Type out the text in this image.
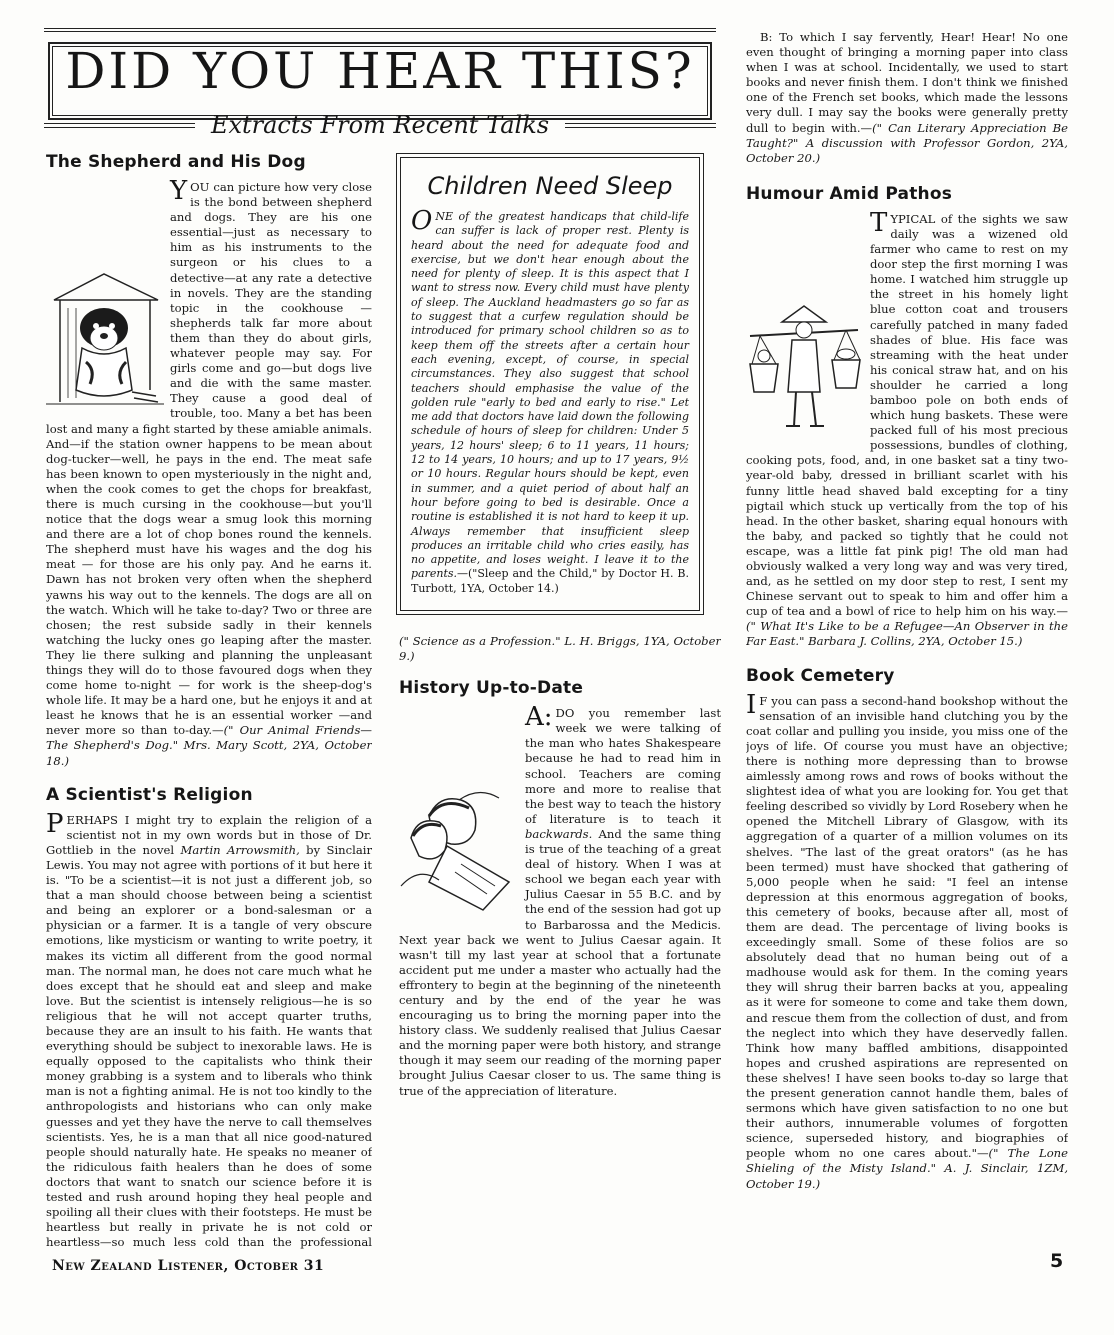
DID YOU HEAR THIS?
Extracts From Recent Talks
The Shepherd and His Dog

YOU can picture how very close is the bond between shepherd and dogs. They are his one essential—just as necessary to him as his instruments to the surgeon or his clues to a detective—at any rate a detective in novels. They are the standing topic in the cookhouse — shepherds talk far more about them than they do about girls, whatever people may say. For girls come and go—but dogs live and die with the same master. They cause a good deal of trouble, too. Many a bet has been lost and many a fight started by these amiable animals. And—if the station owner happens to be mean about dog-tucker—well, he pays in the end. The meat safe has been known to open mysteriously in the night and, when the cook comes to get the chops for breakfast, there is much cursing in the cookhouse—but you'll notice that the dogs wear a smug look this morning and there are a lot of chop bones round the kennels. The shepherd must have his wages and the dog his meat — for those are his only pay. And he earns it. Dawn has not broken very often when the shepherd yawns his way out to the kennels. The dogs are all on the watch. Which will he take to-day? Two or three are chosen; the rest subside sadly in their kennels watching the lucky ones go leaping after the master. They lie there sulking and planning the unpleasant things they will do to those favoured dogs when they come home to-night — for work is the sheep-dog's whole life. It may be a hard one, but he enjoys it and at least he knows that he is an essential worker —and never more so than to-day.—(" Our Animal Friends—The Shepherd's Dog." Mrs. Mary Scott, 2YA, October 18.)

A Scientist's Religion

PERHAPS I might try to explain the religion of a scientist not in my own words but in those of Dr. Gottlieb in the novel Martin Arrowsmith, by Sinclair Lewis. You may not agree with portions of it but here it is. "To be a scientist—it is not just a different job, so that a man should choose between being a scientist and being an explorer or a bond-salesman or a physician or a farmer. It is a tangle of very obscure emotions, like mysticism or wanting to write poetry, it makes its victim all different from the good normal man. The normal man, he does not care much what he does except that he should eat and sleep and make love. But the scientist is intensely religious—he is so religious that he will not accept quarter truths, because they are an insult to his faith. He wants that everything should be subject to inexorable laws. He is equally opposed to the capitalists who think their money grabbing is a system and to liberals who think man is not a fighting animal. He is not too kindly to the anthropologists and historians who can only make guesses and yet they have the nerve to call themselves scientists. Yes, he is a man that all nice good-natured people should naturally hate. He speaks no meaner of the ridiculous faith healers than he does of some doctors that want to snatch our science before it is tested and rush around hoping they heal people and spoiling all their clues with their footsteps. He must be heartless but really in private he is not cold or heartless—so much less cold than the professional

Children Need Sleep

ONE of the greatest handicaps that child-life can suffer is lack of proper rest. Plenty is heard about the need for adequate food and exercise, but we don't hear enough about the need for plenty of sleep. It is this aspect that I want to stress now. Every child must have plenty of sleep. The Auckland headmasters go so far as to suggest that a curfew regulation should be introduced for primary school children so as to keep them off the streets after a certain hour each evening, except, of course, in special circumstances. They also suggest that school teachers should emphasise the value of the golden rule "early to bed and early to rise." Let me add that doctors have laid down the following schedule of hours of sleep for children: Under 5 years, 12 hours' sleep; 6 to 11 years, 11 hours; 12 to 14 years, 10 hours; and up to 17 years, 9½ or 10 hours. Regular hours should be kept, even in summer, and a quiet period of about half an hour before going to bed is desirable. Once a routine is established it is not hard to keep it up. Always remember that insufficient sleep produces an irritable child who cries easily, has no appetite, and loses weight. I leave it to the parents.—("Sleep and the Child," by Doctor H. B. Turbott, 1YA, October 14.)

(" Science as a Profession." L. H. Briggs, 1YA, October 9.)

History Up-to-Date

A:DO you remember last week we were talking of the man who hates Shakespeare because he had to read him in school. Teachers are coming more and more to realise that the best way to teach the history of literature is to teach it backwards. And the same thing is true of the teaching of a great deal of history. When I was at school we began each year with Julius Caesar in 55 B.C. and by the end of the session had got up to Barbarossa and the Medicis. Next year back we went to Julius Caesar again. It wasn't till my last year at school that a fortunate accident put me under a master who actually had the effrontery to begin at the beginning of the nineteenth century and by the end of the year he was encouraging us to bring the morning paper into the history class. We suddenly realised that Julius Caesar and the morning paper were both history, and strange though it may seem our reading of the morning paper brought Julius Caesar closer to us. The same thing is true of the appreciation of literature.

B: To which I say fervently, Hear! Hear! No one even thought of bringing a morning paper into class when I was at school. Incidentally, we used to start books and never finish them. I don't think we finished one of the French set books, which made the lessons very dull. I may say the books were generally pretty dull to begin with.—(" Can Literary Appreciation Be Taught?" A discussion with Professor Gordon, 2YA, October 20.)

Humour Amid Pathos

TYPICAL of the sights we saw daily was a wizened old farmer who came to rest on my door step the first morning I was home. I watched him struggle up the street in his homely light blue cotton coat and trousers carefully patched in many faded shades of blue. His face was streaming with the heat under his conical straw hat, and on his shoulder he carried a long bamboo pole on both ends of which hung baskets. These were packed full of his most precious possessions, bundles of clothing, cooking pots, food, and, in one basket sat a tiny two-year-old baby, dressed in brilliant scarlet with his funny little head shaved bald excepting for a tiny pigtail which stuck up vertically from the top of his head. In the other basket, sharing equal honours with the baby, and packed so tightly that he could not escape, was a little fat pink pig! The old man had obviously walked a very long way and was very tired, and, as he settled on my door step to rest, I sent my Chinese servant out to speak to him and offer him a cup of tea and a bowl of rice to help him on his way.—(" What It's Like to be a Refugee—An Observer in the Far East." Barbara J. Collins, 2YA, October 15.)

Book Cemetery

IF you can pass a second-hand bookshop without the sensation of an invisible hand clutching you by the coat collar and pulling you inside, you miss one of the joys of life. Of course you must have an objective; there is nothing more depressing than to browse aimlessly among rows and rows of books without the slightest idea of what you are looking for. You get that feeling described so vividly by Lord Rosebery when he opened the Mitchell Library of Glasgow, with its aggregation of a quarter of a million volumes on its shelves. "The last of the great orators" (as he has been termed) must have shocked that gathering of 5,000 people when he said: "I feel an intense depression at this enormous aggregation of books, this cemetery of books, because after all, most of them are dead. The percentage of living books is exceedingly small. Some of these folios are so absolutely dead that no human being out of a madhouse would ask for them. In the coming years they will shrug their barren backs at you, appealing as it were for someone to come and take them down, and rescue them from the collection of dust, and from the neglect into which they have deservedly fallen. Think how many baffled ambitions, disappointed hopes and crushed aspirations are represented on these shelves! I have seen books to-day so large that the present generation cannot handle them, bales of sermons which have given satisfaction to no one but their authors, innumerable volumes of forgotten science, superseded history, and biographies of people whom no one cares about."—(" The Lone Shieling of the Misty Island." A. J. Sinclair, 1ZM, October 19.)

New Zealand Listener, October 31	5
